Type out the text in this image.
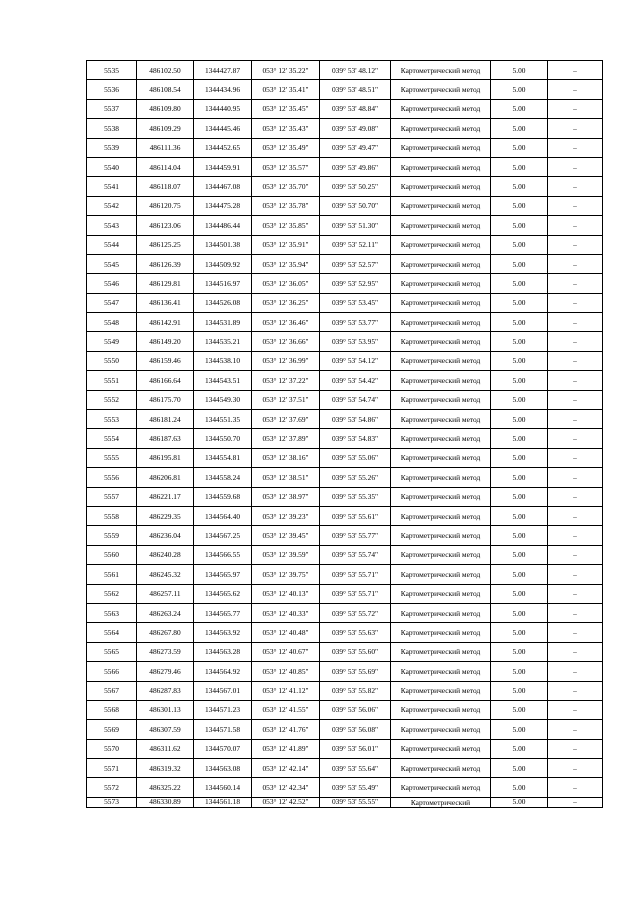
5535	486102.50	1344427.87	053° 12' 35.22"	039° 53' 48.12"	Картометрический метод	5.00	–
5536	486108.54	1344434.96	053° 12' 35.41"	039° 53' 48.51"	Картометрический метод	5.00	–
5537	486109.80	1344440.95	053° 12' 35.45"	039° 53' 48.84"	Картометрический метод	5.00	–
5538	486109.29	1344445.46	053° 12' 35.43"	039° 53' 49.08"	Картометрический метод	5.00	–
5539	486111.36	1344452.65	053° 12' 35.49"	039° 53' 49.47"	Картометрический метод	5.00	–
5540	486114.04	1344459.91	053° 12' 35.57"	039° 53' 49.86"	Картометрический метод	5.00	–
5541	486118.07	1344467.08	053° 12' 35.70"	039° 53' 50.25"	Картометрический метод	5.00	–
5542	486120.75	1344475.28	053° 12' 35.78"	039° 53' 50.70"	Картометрический метод	5.00	–
5543	486123.06	1344486.44	053° 12' 35.85"	039° 53' 51.30"	Картометрический метод	5.00	–
5544	486125.25	1344501.38	053° 12' 35.91"	039° 53' 52.11"	Картометрический метод	5.00	–
5545	486126.39	1344509.92	053° 12' 35.94"	039° 53' 52.57"	Картометрический метод	5.00	–
5546	486129.81	1344516.97	053° 12' 36.05"	039° 53' 52.95"	Картометрический метод	5.00	–
5547	486136.41	1344526.08	053° 12' 36.25"	039° 53' 53.45"	Картометрический метод	5.00	–
5548	486142.91	1344531.89	053° 12' 36.46"	039° 53' 53.77"	Картометрический метод	5.00	–
5549	486149.20	1344535.21	053° 12' 36.66"	039° 53' 53.95"	Картометрический метод	5.00	–
5550	486159.46	1344538.10	053° 12' 36.99"	039° 53' 54.12"	Картометрический метод	5.00	–
5551	486166.64	1344543.51	053° 12' 37.22"	039° 53' 54.42"	Картометрический метод	5.00	–
5552	486175.70	1344549.30	053° 12' 37.51"	039° 53' 54.74"	Картометрический метод	5.00	–
5553	486181.24	1344551.35	053° 12' 37.69"	039° 53' 54.86"	Картометрический метод	5.00	–
5554	486187.63	1344550.70	053° 12' 37.89"	039° 53' 54.83"	Картометрический метод	5.00	–
5555	486195.81	1344554.81	053° 12' 38.16"	039° 53' 55.06"	Картометрический метод	5.00	–
5556	486206.81	1344558.24	053° 12' 38.51"	039° 53' 55.26"	Картометрический метод	5.00	–
5557	486221.17	1344559.68	053° 12' 38.97"	039° 53' 55.35"	Картометрический метод	5.00	–
5558	486229.35	1344564.40	053° 12' 39.23"	039° 53' 55.61"	Картометрический метод	5.00	–
5559	486236.04	1344567.25	053° 12' 39.45"	039° 53' 55.77"	Картометрический метод	5.00	–
5560	486240.28	1344566.55	053° 12' 39.59"	039° 53' 55.74"	Картометрический метод	5.00	–
5561	486245.32	1344565.97	053° 12' 39.75"	039° 53' 55.71"	Картометрический метод	5.00	–
5562	486257.11	1344565.62	053° 12' 40.13"	039° 53' 55.71"	Картометрический метод	5.00	–
5563	486263.24	1344565.77	053° 12' 40.33"	039° 53' 55.72"	Картометрический метод	5.00	–
5564	486267.80	1344563.92	053° 12' 40.48"	039° 53' 55.63"	Картометрический метод	5.00	–
5565	486273.59	1344563.28	053° 12' 40.67"	039° 53' 55.60"	Картометрический метод	5.00	–
5566	486279.46	1344564.92	053° 12' 40.85"	039° 53' 55.69"	Картометрический метод	5.00	–
5567	486287.83	1344567.01	053° 12' 41.12"	039° 53' 55.82"	Картометрический метод	5.00	–
5568	486301.13	1344571.23	053° 12' 41.55"	039° 53' 56.06"	Картометрический метод	5.00	–
5569	486307.59	1344571.58	053° 12' 41.76"	039° 53' 56.08"	Картометрический метод	5.00	–
5570	486311.62	1344570.07	053° 12' 41.89"	039° 53' 56.01"	Картометрический метод	5.00	–
5571	486319.32	1344563.08	053° 12' 42.14"	039° 53' 55.64"	Картометрический метод	5.00	–
5572	486325.22	1344560.14	053° 12' 42.34"	039° 53' 55.49"	Картометрический метод	5.00	–
5573	486330.89	1344561.18	053° 12' 42.52"	039° 53' 55.55"	Картометрический	5.00	–
